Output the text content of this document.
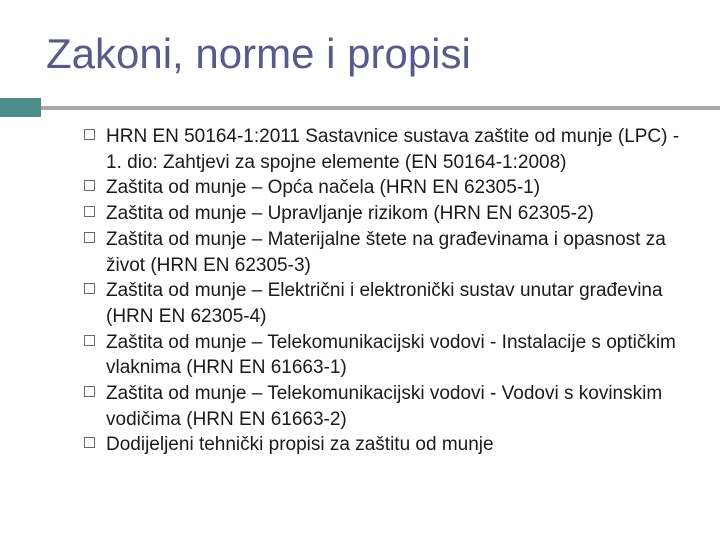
Zakoni, norme i propisi
HRN EN 50164-1:2011 Sastavnice sustava zaštite od munje (LPC) - 1. dio: Zahtjevi za spojne elemente (EN 50164-1:2008)
Zaštita od munje – Opća načela (HRN EN 62305-1)
Zaštita od munje – Upravljanje rizikom (HRN EN 62305-2)
Zaštita od munje – Materijalne štete na građevinama i opasnost za život (HRN EN 62305-3)
Zaštita od munje – Električni i elektronički sustav unutar građevina (HRN EN 62305-4)
Zaštita od munje – Telekomunikacijski vodovi - Instalacije s optičkim vlaknima (HRN EN 61663-1)
Zaštita od munje – Telekomunikacijski vodovi - Vodovi s kovinskim vodičima (HRN EN 61663-2)
Dodijeljeni tehnički propisi za zaštitu od munje
